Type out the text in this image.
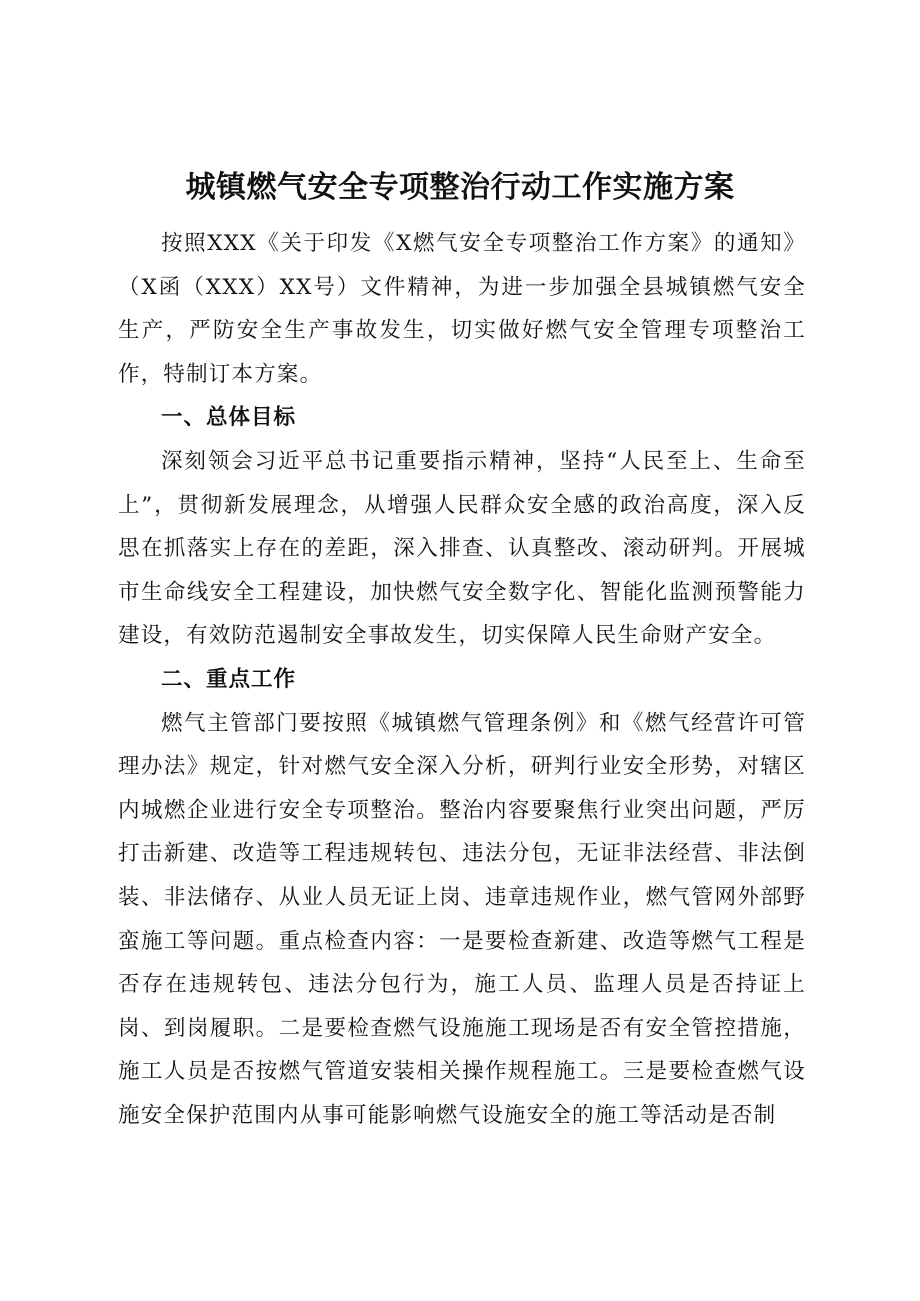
城镇燃气安全专项整治行动工作实施方案

按照XXX《关于印发《X燃气安全专项整治工作方案》的通知》（X函（XXX）XX号）文件精神，为进一步加强全县城镇燃气安全生产，严防安全生产事故发生，切实做好燃气安全管理专项整治工作，特制订本方案。

一、总体目标

深刻领会习近平总书记重要指示精神，坚持“人民至上、生命至上”，贯彻新发展理念，从增强人民群众安全感的政治高度，深入反思在抓落实上存在的差距，深入排查、认真整改、滚动研判。开展城市生命线安全工程建设，加快燃气安全数字化、智能化监测预警能力建设，有效防范遏制安全事故发生，切实保障人民生命财产安全。

二、重点工作

燃气主管部门要按照《城镇燃气管理条例》和《燃气经营许可管理办法》规定，针对燃气安全深入分析，研判行业安全形势，对辖区内城燃企业进行安全专项整治。整治内容要聚焦行业突出问题，严厉打击新建、改造等工程违规转包、违法分包，无证非法经营、非法倒装、非法储存、从业人员无证上岗、违章违规作业，燃气管网外部野蛮施工等问题。重点检查内容：一是要检查新建、改造等燃气工程是否存在违规转包、违法分包行为，施工人员、监理人员是否持证上岗、到岗履职。二是要检查燃气设施施工现场是否有安全管控措施，施工人员是否按燃气管道安装相关操作规程施工。三是要检查燃气设施安全保护范围内从事可能影响燃气设施安全的施工等活动是否制
